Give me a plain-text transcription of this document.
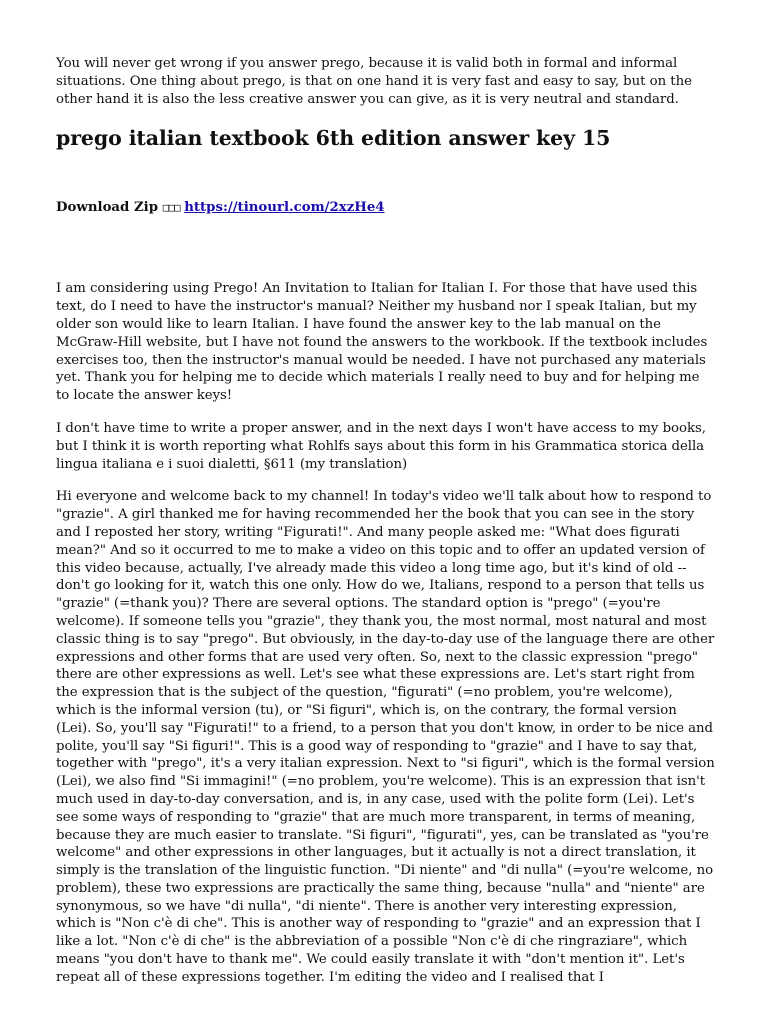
You will never get wrong if you answer prego, because it is valid both in formal and informal situations. One thing about prego, is that on one hand it is very fast and easy to say, but on the other hand it is also the less creative answer you can give, as it is very neutral and standard.

prego italian textbook 6th edition answer key 15
Download Zip □□□ https://tinourl.com/2xzHe4

I am considering using Prego! An Invitation to Italian for Italian I. For those that have used this text, do I need to have the instructor's manual? Neither my husband nor I speak Italian, but my older son would like to learn Italian. I have found the answer key to the lab manual on the McGraw-Hill website, but I have not found the answers to the workbook. If the textbook includes exercises too, then the instructor's manual would be needed. I have not purchased any materials yet. Thank you for helping me to decide which materials I really need to buy and for helping me to locate the answer keys!

I don't have time to write a proper answer, and in the next days I won't have access to my books, but I think it is worth reporting what Rohlfs says about this form in his Grammatica storica della lingua italiana e i suoi dialetti, §611 (my translation)

Hi everyone and welcome back to my channel! In today's video we'll talk about how to respond to "grazie". A girl thanked me for having recommended her the book that you can see in the story and I reposted her story, writing "Figurati!". And many people asked me: "What does figurati mean?" And so it occurred to me to make a video on this topic and to offer an updated version of this video because, actually, I've already made this video a long time ago, but it's kind of old --don't go looking for it, watch this one only. How do we, Italians, respond to a person that tells us "grazie" (=thank you)? There are several options. The standard option is "prego" (=you're welcome). If someone tells you "grazie", they thank you, the most normal, most natural and most classic thing is to say "prego". But obviously, in the day-to-day use of the language there are other expressions and other forms that are used very often. So, next to the classic expression "prego" there are other expressions as well. Let's see what these expressions are. Let's start right from the expression that is the subject of the question, "figurati" (=no problem, you're welcome), which is the informal version (tu), or "Si figuri", which is, on the contrary, the formal version (Lei). So, you'll say "Figurati!" to a friend, to a person that you don't know, in order to be nice and polite, you'll say "Si figuri!". This is a good way of responding to "grazie" and I have to say that, together with "prego", it's a very italian expression. Next to "si figuri", which is the formal version (Lei), we also find "Si immagini!" (=no problem, you're welcome). This is an expression that isn't much used in day-to-day conversation, and is, in any case, used with the polite form (Lei). Let's see some ways of responding to "grazie" that are much more transparent, in terms of meaning, because they are much easier to translate. "Si figuri", "figurati", yes, can be translated as "you're welcome" and other expressions in other languages, but it actually is not a direct translation, it simply is the translation of the linguistic function. "Di niente" and "di nulla" (=you're welcome, no problem), these two expressions are practically the same thing, because "nulla" and "niente" are synonymous, so we have "di nulla", "di niente". There is another very interesting expression, which is "Non c'è di che". This is another way of responding to "grazie" and an expression that I like a lot. "Non c'è di che" is the abbreviation of a possible "Non c'è di che ringraziare", which means "you don't have to thank me". We could easily translate it with "don't mention it". Let's repeat all of these expressions together. I'm editing the video and I realised that I
